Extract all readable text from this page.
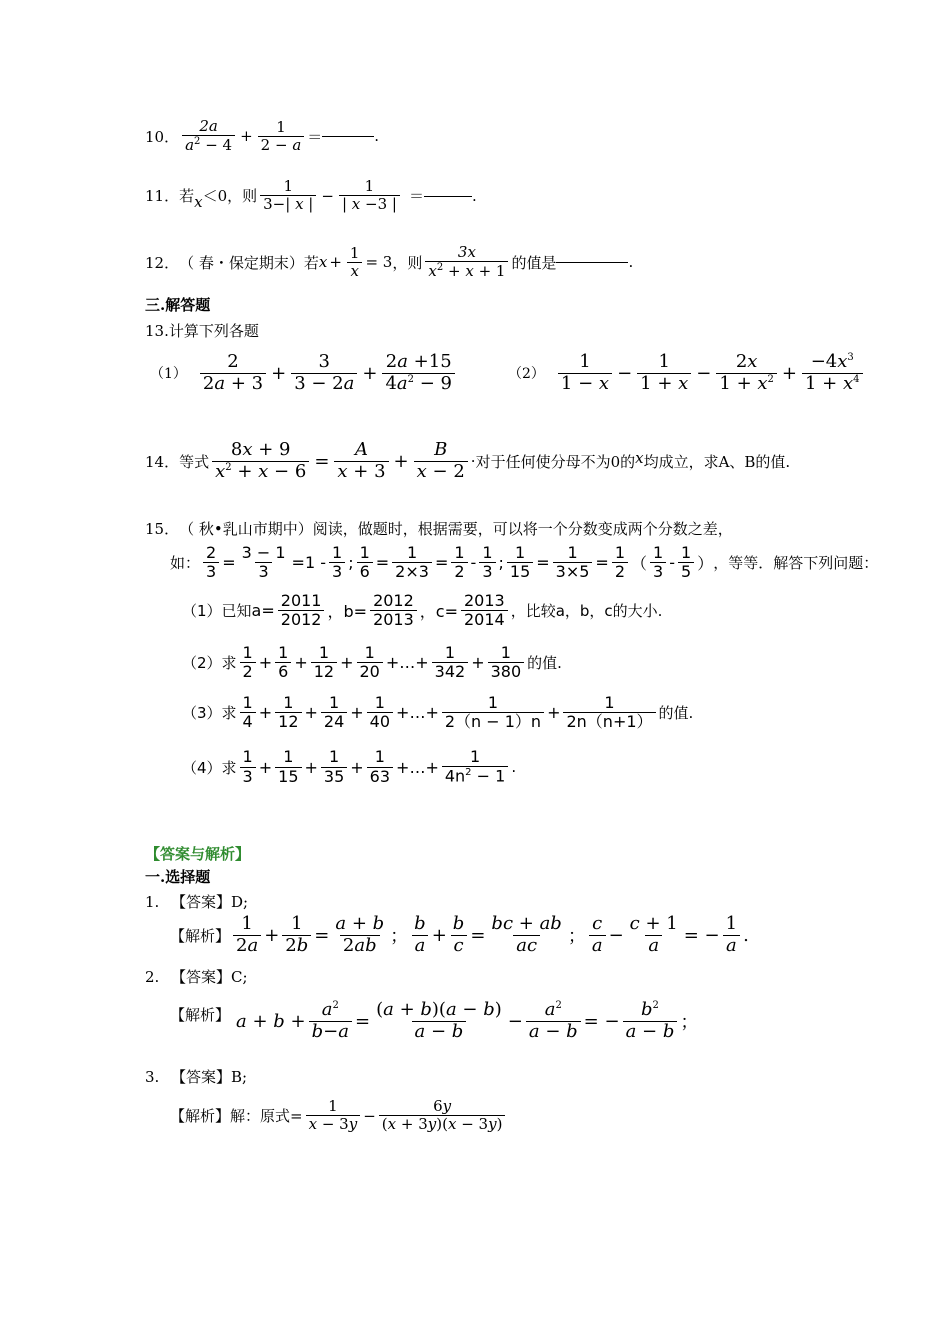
10． $\frac{2a}{a^2 - 4} + \frac{1}{2 - a}$ ＝	.
11． 若 x ＜0，则 $\frac{1}{3-| x |} - \frac{1}{| x -3 |}$ ＝	.
12． （ 春・保定期末）若 $x + \frac{1}{x} = 3$ ，则 $\frac{3x}{x^2 + x + 1}$ 的值是	.
三.解答题
13.计算下列各题
$(1) \frac{2}{2a + 3} + \frac{3}{3 - 2a} + \frac{2a +15}{4a^2 - 9}$	$(2) \frac{1}{1 - x} - \frac{1}{1 + x} - \frac{2x}{1 + x^2} + \frac{-4x^3}{1 + x^4}$
14． 等式 $\frac{8x + 9}{x^2 + x - 6} = \frac{A}{x + 3} + \frac{B}{x - 2}$ · 对于任何使分母不为0的 x 均成立，求A、B的值.
15． （ 秋•乳山市期中）阅读，做题时，根据需要，可以将一个分数变成两个分数之差，
如： $\frac{2}{3} = \frac{3 - 1}{3} =1 - \frac{1}{3}$ ; $\frac{1}{6} = \frac{1}{2\times 3} = \frac{1}{2} - \frac{1}{3}$ ; $\frac{1}{15} = \frac{1}{3\times 5} = \frac{1}{2}$ （ $\frac{1}{3} - \frac{1}{5}$ ） ，等等．解答下列问题：
（1）已知 $a= \frac{2011}{2012}$ ，$b= \frac{2012}{2013}$ ，$c= \frac{2013}{2014}$ ，比较a，b，c的大小.
（2）求 $\frac{1}{2} + \frac{1}{6} + \frac{1}{12} + \frac{1}{20}$ +…+ $\frac{1}{342} + \frac{1}{380}$ 的值.
（3）求 $\frac{1}{4} + \frac{1}{12} + \frac{1}{24} + \frac{1}{40}$ +…+ $\frac{1}{2(n - 1)n} + \frac{1}{2n(n+1)}$ 的值.
（4）求 $\frac{1}{3} + \frac{1}{15} + \frac{1}{35} + \frac{1}{63}$ +…+ $\frac{1}{4n^2 - 1}$ .
【答案与解析】
一.选择题
1. 【答案】 D;
【解析】 $\frac{1}{2a} + \frac{1}{2b} = \frac{a + b}{2ab}$ ； $\frac{b}{a} + \frac{b}{c} = \frac{bc + ab}{ac}$ ； $\frac{c}{a} - \frac{c + 1}{a}$ = − $\frac{1}{a}$ .
2. 【答案】 C;
【解析】 $a + b + \frac{a^2}{b-a} = \frac{(a + b)(a - b)}{a - b} - \frac{a^2}{a - b}$ = − $\frac{b^2}{a - b}$ ；
3. 【答案】 B;
【解析】 解：原式= $\frac{1}{x - 3y} - \frac{6y}{(x + 3y)(x - 3y)}$
